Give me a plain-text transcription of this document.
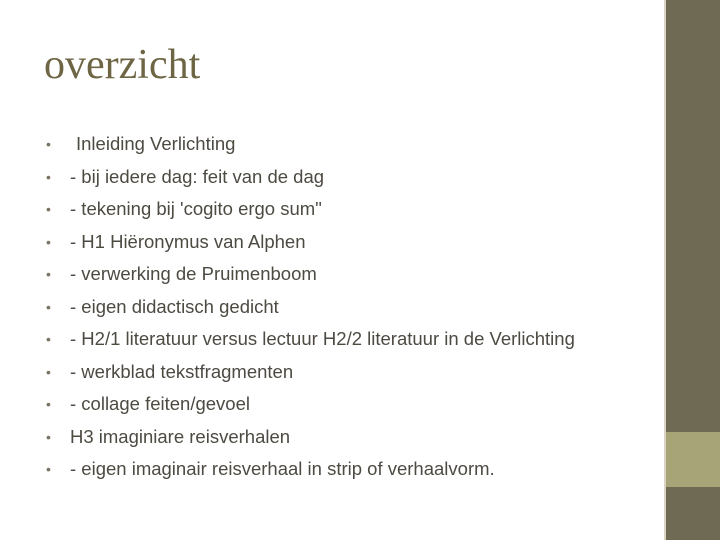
overzicht
•	Inleiding Verlichting
•	- bij iedere dag: feit van de dag
•	- tekening bij 'cogito ergo sum"
•	- H1 Hiëronymus van Alphen
•	- verwerking de Pruimenboom
•	- eigen didactisch gedicht
•	- H2/1 literatuur versus lectuur H2/2 literatuur in de Verlichting
•	- werkblad tekstfragmenten
•	- collage feiten/gevoel
•	H3 imaginiare reisverhalen
•	- eigen imaginair reisverhaal in strip of verhaalvorm.
